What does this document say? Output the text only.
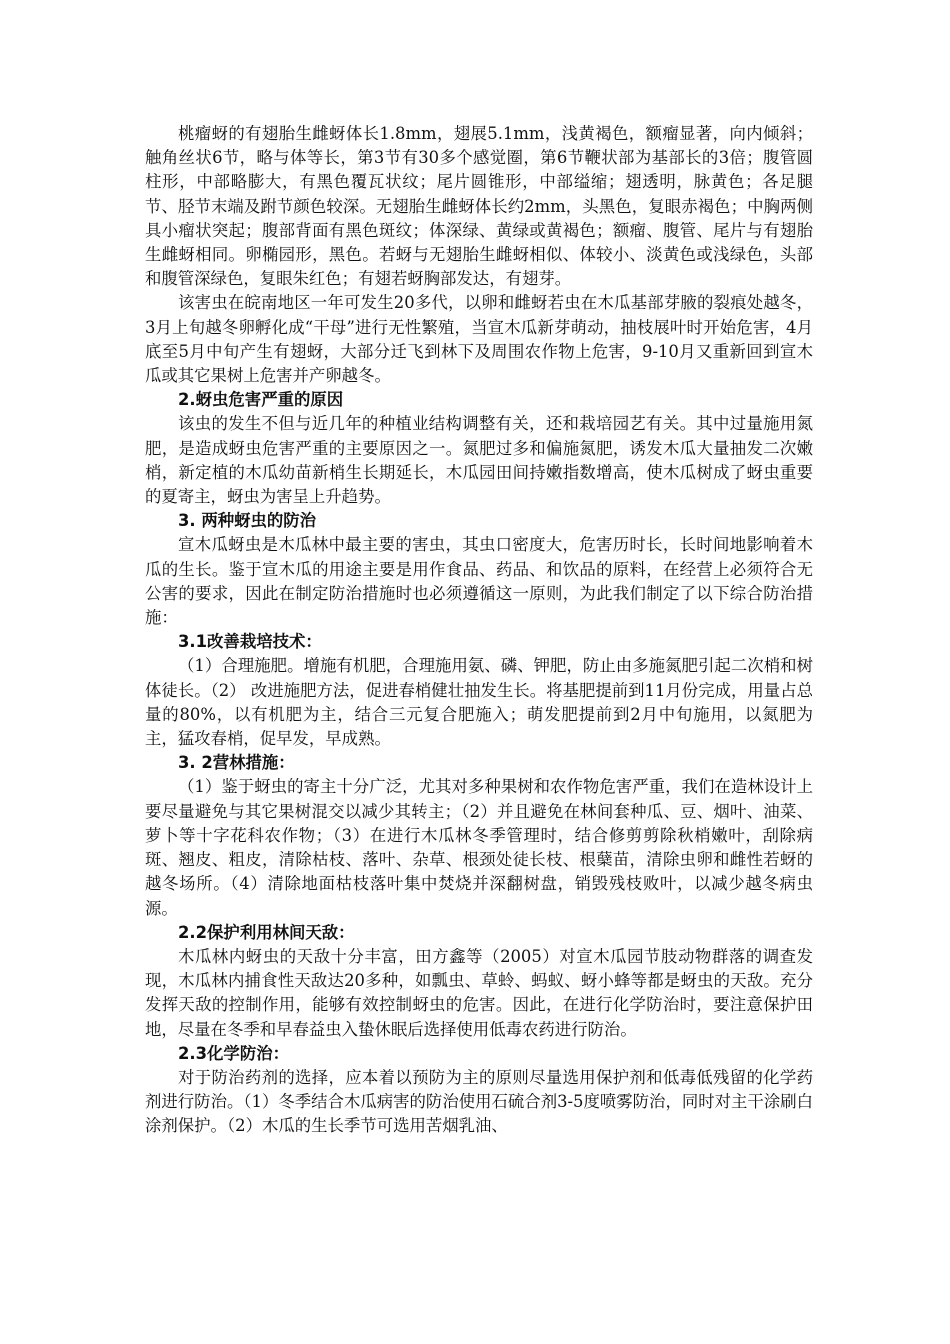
桃瘤蚜的有翅胎生雌蚜体长1.8mm，翅展5.1mm，浅黄褐色，额瘤显著，向内倾斜；触角丝状6节，略与体等长，第3节有30多个感觉圈，第6节鞭状部为基部长的3倍；腹管圆柱形，中部略膨大，有黑色覆瓦状纹；尾片圆锥形，中部缢缩；翅透明，脉黄色；各足腿节、胫节末端及跗节颜色较深。无翅胎生雌蚜体长约2mm，头黑色，复眼赤褐色；中胸两侧具小瘤状突起；腹部背面有黑色斑纹；体深绿、黄绿或黄褐色；额瘤、腹管、尾片与有翅胎生雌蚜相同。卵椭园形，黑色。若蚜与无翅胎生雌蚜相似、体较小、淡黄色或浅绿色，头部和腹管深绿色，复眼朱红色；有翅若蚜胸部发达，有翅芽。

该害虫在皖南地区一年可发生20多代，以卵和雌蚜若虫在木瓜基部芽腋的裂痕处越冬，3月上旬越冬卵孵化成“干母”进行无性繁殖，当宣木瓜新芽萌动，抽枝展叶时开始危害，4月底至5月中旬产生有翅蚜，大部分迁飞到林下及周围农作物上危害，9-10月又重新回到宣木瓜或其它果树上危害并产卵越冬。

2.蚜虫危害严重的原因

该虫的发生不但与近几年的种植业结构调整有关，还和栽培园艺有关。其中过量施用氮肥，是造成蚜虫危害严重的主要原因之一。氮肥过多和偏施氮肥，诱发木瓜大量抽发二次嫩梢，新定植的木瓜幼苗新梢生长期延长，木瓜园田间持嫩指数增高，使木瓜树成了蚜虫重要的夏寄主，蚜虫为害呈上升趋势。

3. 两种蚜虫的防治

宣木瓜蚜虫是木瓜林中最主要的害虫，其虫口密度大，危害历时长，长时间地影响着木瓜的生长。鉴于宣木瓜的用途主要是用作食品、药品、和饮品的原料，在经营上必须符合无公害的要求，因此在制定防治措施时也必须遵循这一原则，为此我们制定了以下综合防治措施：

3.1改善栽培技术：

（1）合理施肥。增施有机肥，合理施用氨、磷、钾肥，防止由多施氮肥引起二次梢和树体徒长。（2） 改进施肥方法，促进春梢健壮抽发生长。将基肥提前到11月份完成，用量占总量的80%，以有机肥为主，结合三元复合肥施入；萌发肥提前到2月中旬施用，以氮肥为主，猛攻春梢，促早发，早成熟。

3. 2营林措施：

（1）鉴于蚜虫的寄主十分广泛，尤其对多种果树和农作物危害严重，我们在造林设计上要尽量避免与其它果树混交以减少其转主；（2）并且避免在林间套种瓜、豆、烟叶、油菜、萝卜等十字花科农作物；（3）在进行木瓜林冬季管理时，结合修剪剪除秋梢嫩叶，刮除病斑、翘皮、粗皮，清除枯枝、落叶、杂草、根颈处徒长枝、根蘖苗，清除虫卵和雌性若蚜的越冬场所。（4）清除地面枯枝落叶集中焚烧并深翻树盘，销毁残枝败叶，以减少越冬病虫源。

2.2保护利用林间天敌：

木瓜林内蚜虫的天敌十分丰富，田方鑫等（2005）对宣木瓜园节肢动物群落的调查发现，木瓜林内捕食性天敌达20多种，如瓢虫、草蛉、蚂蚁、蚜小蜂等都是蚜虫的天敌。充分发挥天敌的控制作用，能够有效控制蚜虫的危害。因此，在进行化学防治时，要注意保护田地，尽量在冬季和早春益虫入蛰休眠后选择使用低毒农药进行防治。

2.3化学防治：

对于防治药剂的选择，应本着以预防为主的原则尽量选用保护剂和低毒低残留的化学药剂进行防治。（1）冬季结合木瓜病害的防治使用石硫合剂3-5度喷雾防治，同时对主干涂刷白涂剂保护。（2）木瓜的生长季节可选用苦烟乳油、
